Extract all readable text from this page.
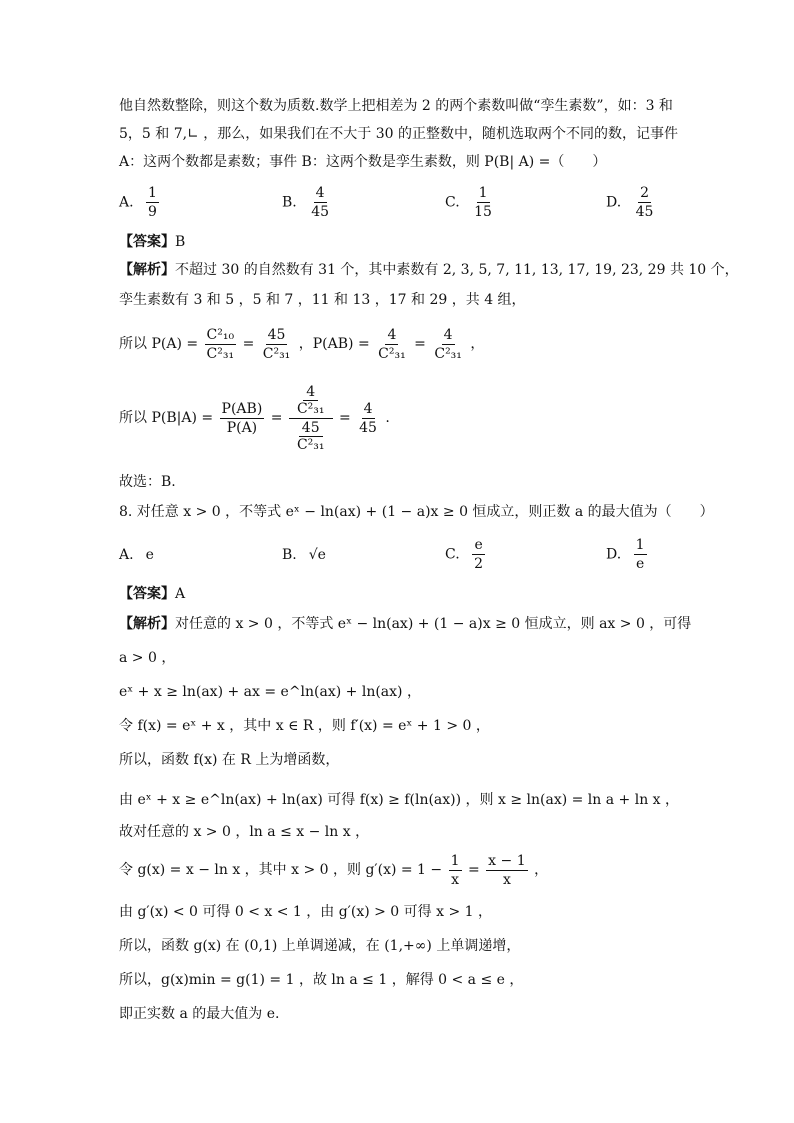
他自然数整除，则这个数为质数.数学上把相差为 2 的两个素数叫做“孪生素数”，如：3 和
5，5 和 7,∟ ，那么，如果我们在不大于 30 的正整数中，随机选取两个不同的数，记事件
A：这两个数都是素数；事件 B：这两个数是孪生素数，则 P(B| A) =（　　）
A. $\frac{1}{9}$	B. $\frac{4}{45}$	C. $\frac{1}{15}$	D. $\frac{2}{45}$
【答案】B
【解析】不超过 30 的自然数有 31 个，其中素数有 2, 3, 5, 7, 11, 13, 17, 19, 23, 29 共 10 个，
孪生素数有 3 和 5 ，5 和 7 ，11 和 13 ，17 和 29 ，共 4 组，
所以 $P(A) = \frac{\text{C²₁₀}}{\text{C²₃₁}} = \frac{45}{\text{C²₃₁}}$ ，$P(AB) = \frac{4}{\text{C²₃₁}} = \frac{4}{\text{C²₃₁}}$ ，
所以 $P(B|A) = \frac{P(AB)}{P(A)} = \frac{\frac{4}{\text{C²₃₁}}}{\frac{45}{\text{C²₃₁}}} = \frac{4}{45}$ .
故选：B.
8. 对任意 x > 0 ，不等式 eˣ − ln(ax) + (1 − a)x ≥ 0 恒成立，则正数 a 的最大值为（　　）
A. e	B. √e	C. $\frac{e}{2}$	D. $\frac{1}{e}$
【答案】A
【解析】对任意的 x > 0 ，不等式 eˣ − ln(ax) + (1 − a)x ≥ 0 恒成立，则 ax > 0 ，可得
a > 0 ，
eˣ + x ≥ ln(ax) + ax = e^ln(ax) + ln(ax) ，
令 f(x) = eˣ + x ，其中 x ∈ R ，则 f′(x) = eˣ + 1 > 0 ，
所以，函数 f(x) 在 R 上为增函数，
由 eˣ + x ≥ e^ln(ax) + ln(ax) 可得 f(x) ≥ f(ln(ax)) ，则 x ≥ ln(ax) = ln a + ln x ，
故对任意的 x > 0 ，ln a ≤ x − ln x ，
令 g(x) = x − ln x ，其中 x > 0 ，则 $g'(x) = 1 - \frac{1}{x} = \frac{x - 1}{x}$ ，
由 g′(x) < 0 可得 0 < x < 1 ，由 g′(x) > 0 可得 x > 1 ，
所以，函数 g(x) 在 (0,1) 上单调递减，在 (1,+∞) 上单调递增，
所以，g(x)min = g(1) = 1 ，故 ln a ≤ 1 ，解得 0 < a ≤ e ，
即正实数 a 的最大值为 e.
